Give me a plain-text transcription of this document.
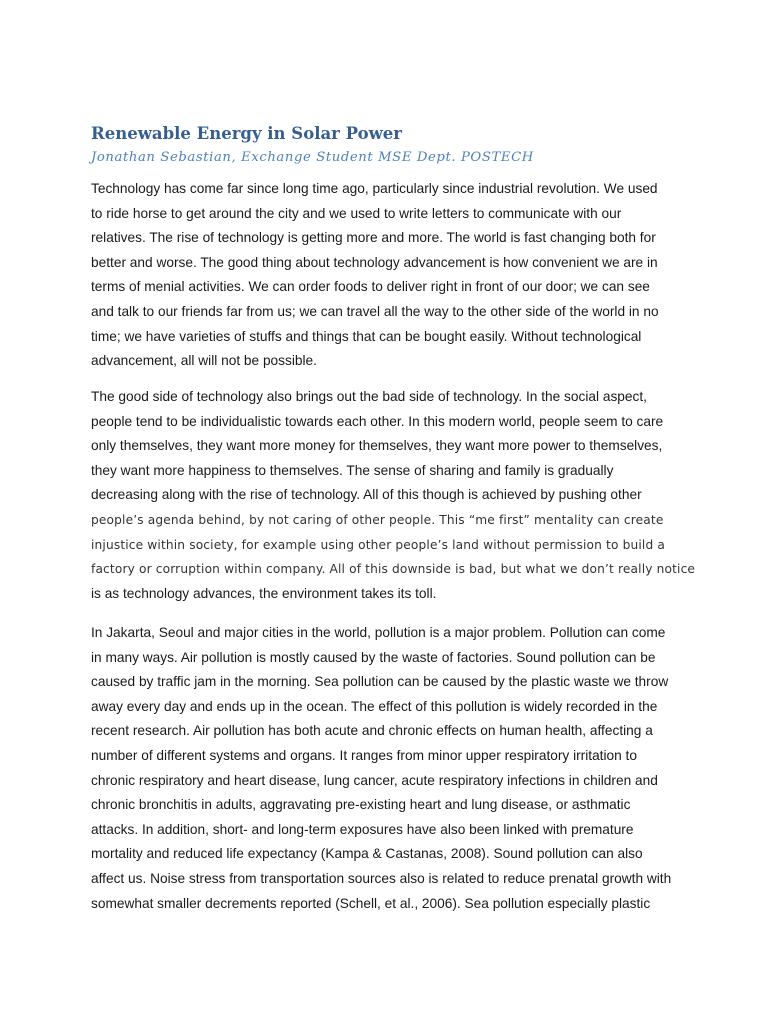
Renewable Energy in Solar Power

Jonathan Sebastian, Exchange Student MSE Dept. POSTECH

Technology has come far since long time ago, particularly since industrial revolution. We used
to ride horse to get around the city and we used to write letters to communicate with our
relatives. The rise of technology is getting more and more. The world is fast changing both for
better and worse. The good thing about technology advancement is how convenient we are in
terms of menial activities. We can order foods to deliver right in front of our door; we can see
and talk to our friends far from us; we can travel all the way to the other side of the world in no
time; we have varieties of stuffs and things that can be bought easily. Without technological
advancement, all will not be possible.
The good side of technology also brings out the bad side of technology. In the social aspect,
people tend to be individualistic towards each other. In this modern world, people seem to care
only themselves, they want more money for themselves, they want more power to themselves,
they want more happiness to themselves. The sense of sharing and family is gradually
decreasing along with the rise of technology. All of this though is achieved by pushing other
people’s agenda behind, by not caring of other people. This “me first” mentality can create
injustice within society, for example using other people’s land without permission to build a
factory or corruption within company. All of this downside is bad, but what we don’t really notice
is as technology advances, the environment takes its toll.
In Jakarta, Seoul and major cities in the world, pollution is a major problem. Pollution can come
in many ways. Air pollution is mostly caused by the waste of factories. Sound pollution can be
caused by traffic jam in the morning. Sea pollution can be caused by the plastic waste we throw
away every day and ends up in the ocean. The effect of this pollution is widely recorded in the
recent research. Air pollution has both acute and chronic effects on human health, affecting a
number of different systems and organs. It ranges from minor upper respiratory irritation to
chronic respiratory and heart disease, lung cancer, acute respiratory infections in children and
chronic bronchitis in adults, aggravating pre-existing heart and lung disease, or asthmatic
attacks. In addition, short- and long-term exposures have also been linked with premature
mortality and reduced life expectancy (Kampa & Castanas, 2008). Sound pollution can also
affect us. Noise stress from transportation sources also is related to reduce prenatal growth with
somewhat smaller decrements reported (Schell, et al., 2006). Sea pollution especially plastic
